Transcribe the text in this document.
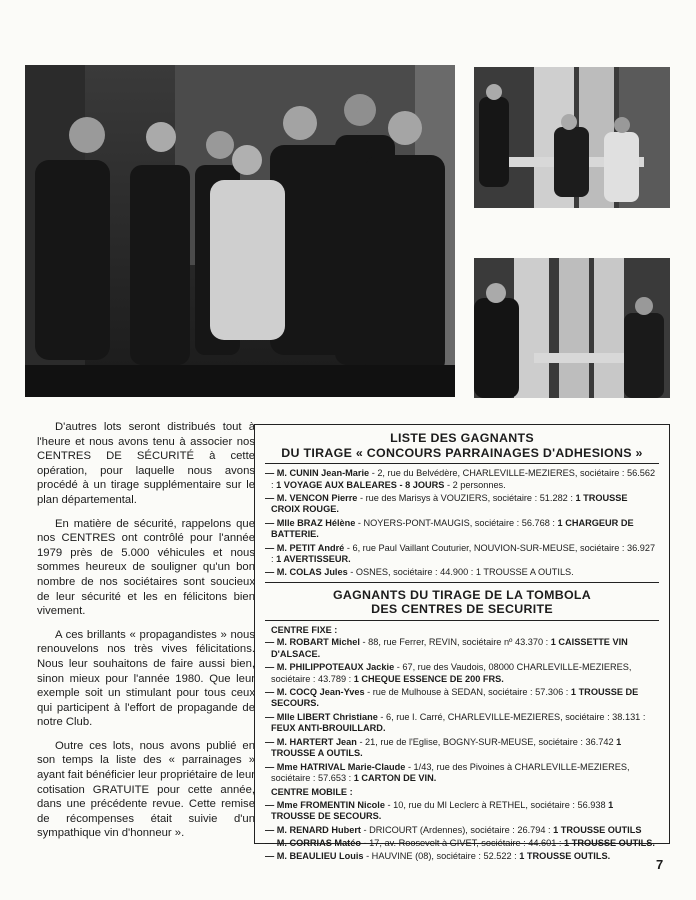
D'autres lots seront distribués tout à l'heure et nous avons tenu à associer nos CENTRES DE SÉCURITÉ à cette opération, pour laquelle nous avons procédé à un tirage supplémentaire sur le plan départemental.

En matière de sécurité, rappelons que nos CENTRES ont contrôlé pour l'année 1979 près de 5.000 véhicules et nous sommes heureux de souligner qu'un bon nombre de nos sociétaires sont soucieux de leur sécurité et les en félicitons bien vivement.

A ces brillants « propagandistes » nous renouvelons nos très vives félicitations. Nous leur souhaitons de faire aussi bien, sinon mieux pour l'année 1980. Que leur exemple soit un stimulant pour tous ceux qui participent à l'effort de propagande de notre Club.

Outre ces lots, nous avons publié en son temps la liste des « parrainages » ayant fait bénéficier leur propriétaire de leur cotisation GRATUITE pour cette année, dans une précédente revue. Cette remise de récompenses était suivie d'un sympathique vin d'honneur ».

LISTE DES GAGNANTS
DU TIRAGE « CONCOURS PARRAINAGES D'ADHESIONS »
— M. CUNIN Jean-Marie - 2, rue du Belvédère, CHARLEVILLE-MEZIERES, sociétaire : 56.562 : 1 VOYAGE AUX BALEARES - 8 JOURS - 2 personnes.
— M. VENCON Pierre - rue des Marisys à VOUZIERS, sociétaire : 51.282 : 1 TROUSSE CROIX ROUGE.
— Mlle BRAZ Hélène - NOYERS-PONT-MAUGIS, sociétaire : 56.768 : 1 CHARGEUR DE BATTERIE.
— M. PETIT André - 6, rue Paul Vaillant Couturier, NOUVION-SUR-MEUSE, sociétaire : 36.927 : 1 AVERTISSEUR.
— M. COLAS Jules - OSNES, sociétaire : 44.900 : 1 TROUSSE A OUTILS.
GAGNANTS DU TIRAGE DE LA TOMBOLA
DES CENTRES DE SECURITE
CENTRE FIXE :
— M. ROBART Michel - 88, rue Ferrer, REVIN, sociétaire nº 43.370 : 1 CAISSETTE VIN D'ALSACE.
— M. PHILIPPOTEAUX Jackie - 67, rue des Vaudois, 08000 CHARLEVILLE-MEZIERES, sociétaire : 43.789 : 1 CHEQUE ESSENCE DE 200 FRS.
— M. COCQ Jean-Yves - rue de Mulhouse à SEDAN, sociétaire : 57.306 : 1 TROUSSE DE SECOURS.
— Mlle LIBERT Christiane - 6, rue I. Carré, CHARLEVILLE-MEZIERES, sociétaire : 38.131 : FEUX ANTI-BROUILLARD.
— M. HARTERT Jean - 21, rue de l'Eglise, BOGNY-SUR-MEUSE, sociétaire : 36.742 1 TROUSSE A OUTILS.
— Mme HATRIVAL Marie-Claude - 1/43, rue des Pivoines à CHARLEVILLE-MEZIERES, sociétaire : 57.653 : 1 CARTON DE VIN.
CENTRE MOBILE :
— Mme FROMENTIN Nicole - 10, rue du Ml Leclerc à RETHEL, sociétaire : 56.938 1 TROUSSE DE SECOURS.
— M. RENARD Hubert - DRICOURT (Ardennes), sociétaire : 26.794 : 1 TROUSSE OUTILS
— M. CORRIAS Matéo - 17, av. Roosevelt à GIVET, sociétaire : 44.601 : 1 TROUSSE OUTILS.
— M. BEAULIEU Louis - HAUVINE (08), sociétaire : 52.522 : 1 TROUSSE OUTILS.
7
